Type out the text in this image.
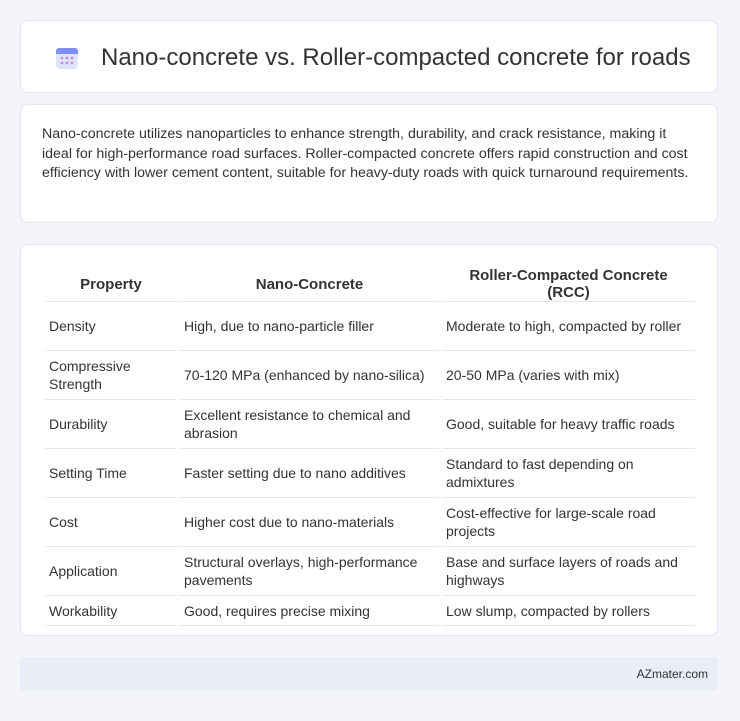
Nano-concrete vs. Roller-compacted concrete for roads

Nano-concrete utilizes nanoparticles to enhance strength, durability, and crack resistance, making it ideal for high-performance road surfaces. Roller-compacted concrete offers rapid construction and cost efficiency with lower cement content, suitable for heavy-duty roads with quick turnaround requirements.

Property	Nano-Concrete	Roller-Compacted Concrete (RCC)
Density	High, due to nano-particle filler	Moderate to high, compacted by roller
Compressive Strength	70-120 MPa (enhanced by nano-silica)	20-50 MPa (varies with mix)
Durability	Excellent resistance to chemical and abrasion	Good, suitable for heavy traffic roads
Setting Time	Faster setting due to nano additives	Standard to fast depending on admixtures
Cost	Higher cost due to nano-materials	Cost-effective for large-scale road projects
Application	Structural overlays, high-performance pavements	Base and surface layers of roads and highways
Workability	Good, requires precise mixing	Low slump, compacted by rollers
AZmater.com
